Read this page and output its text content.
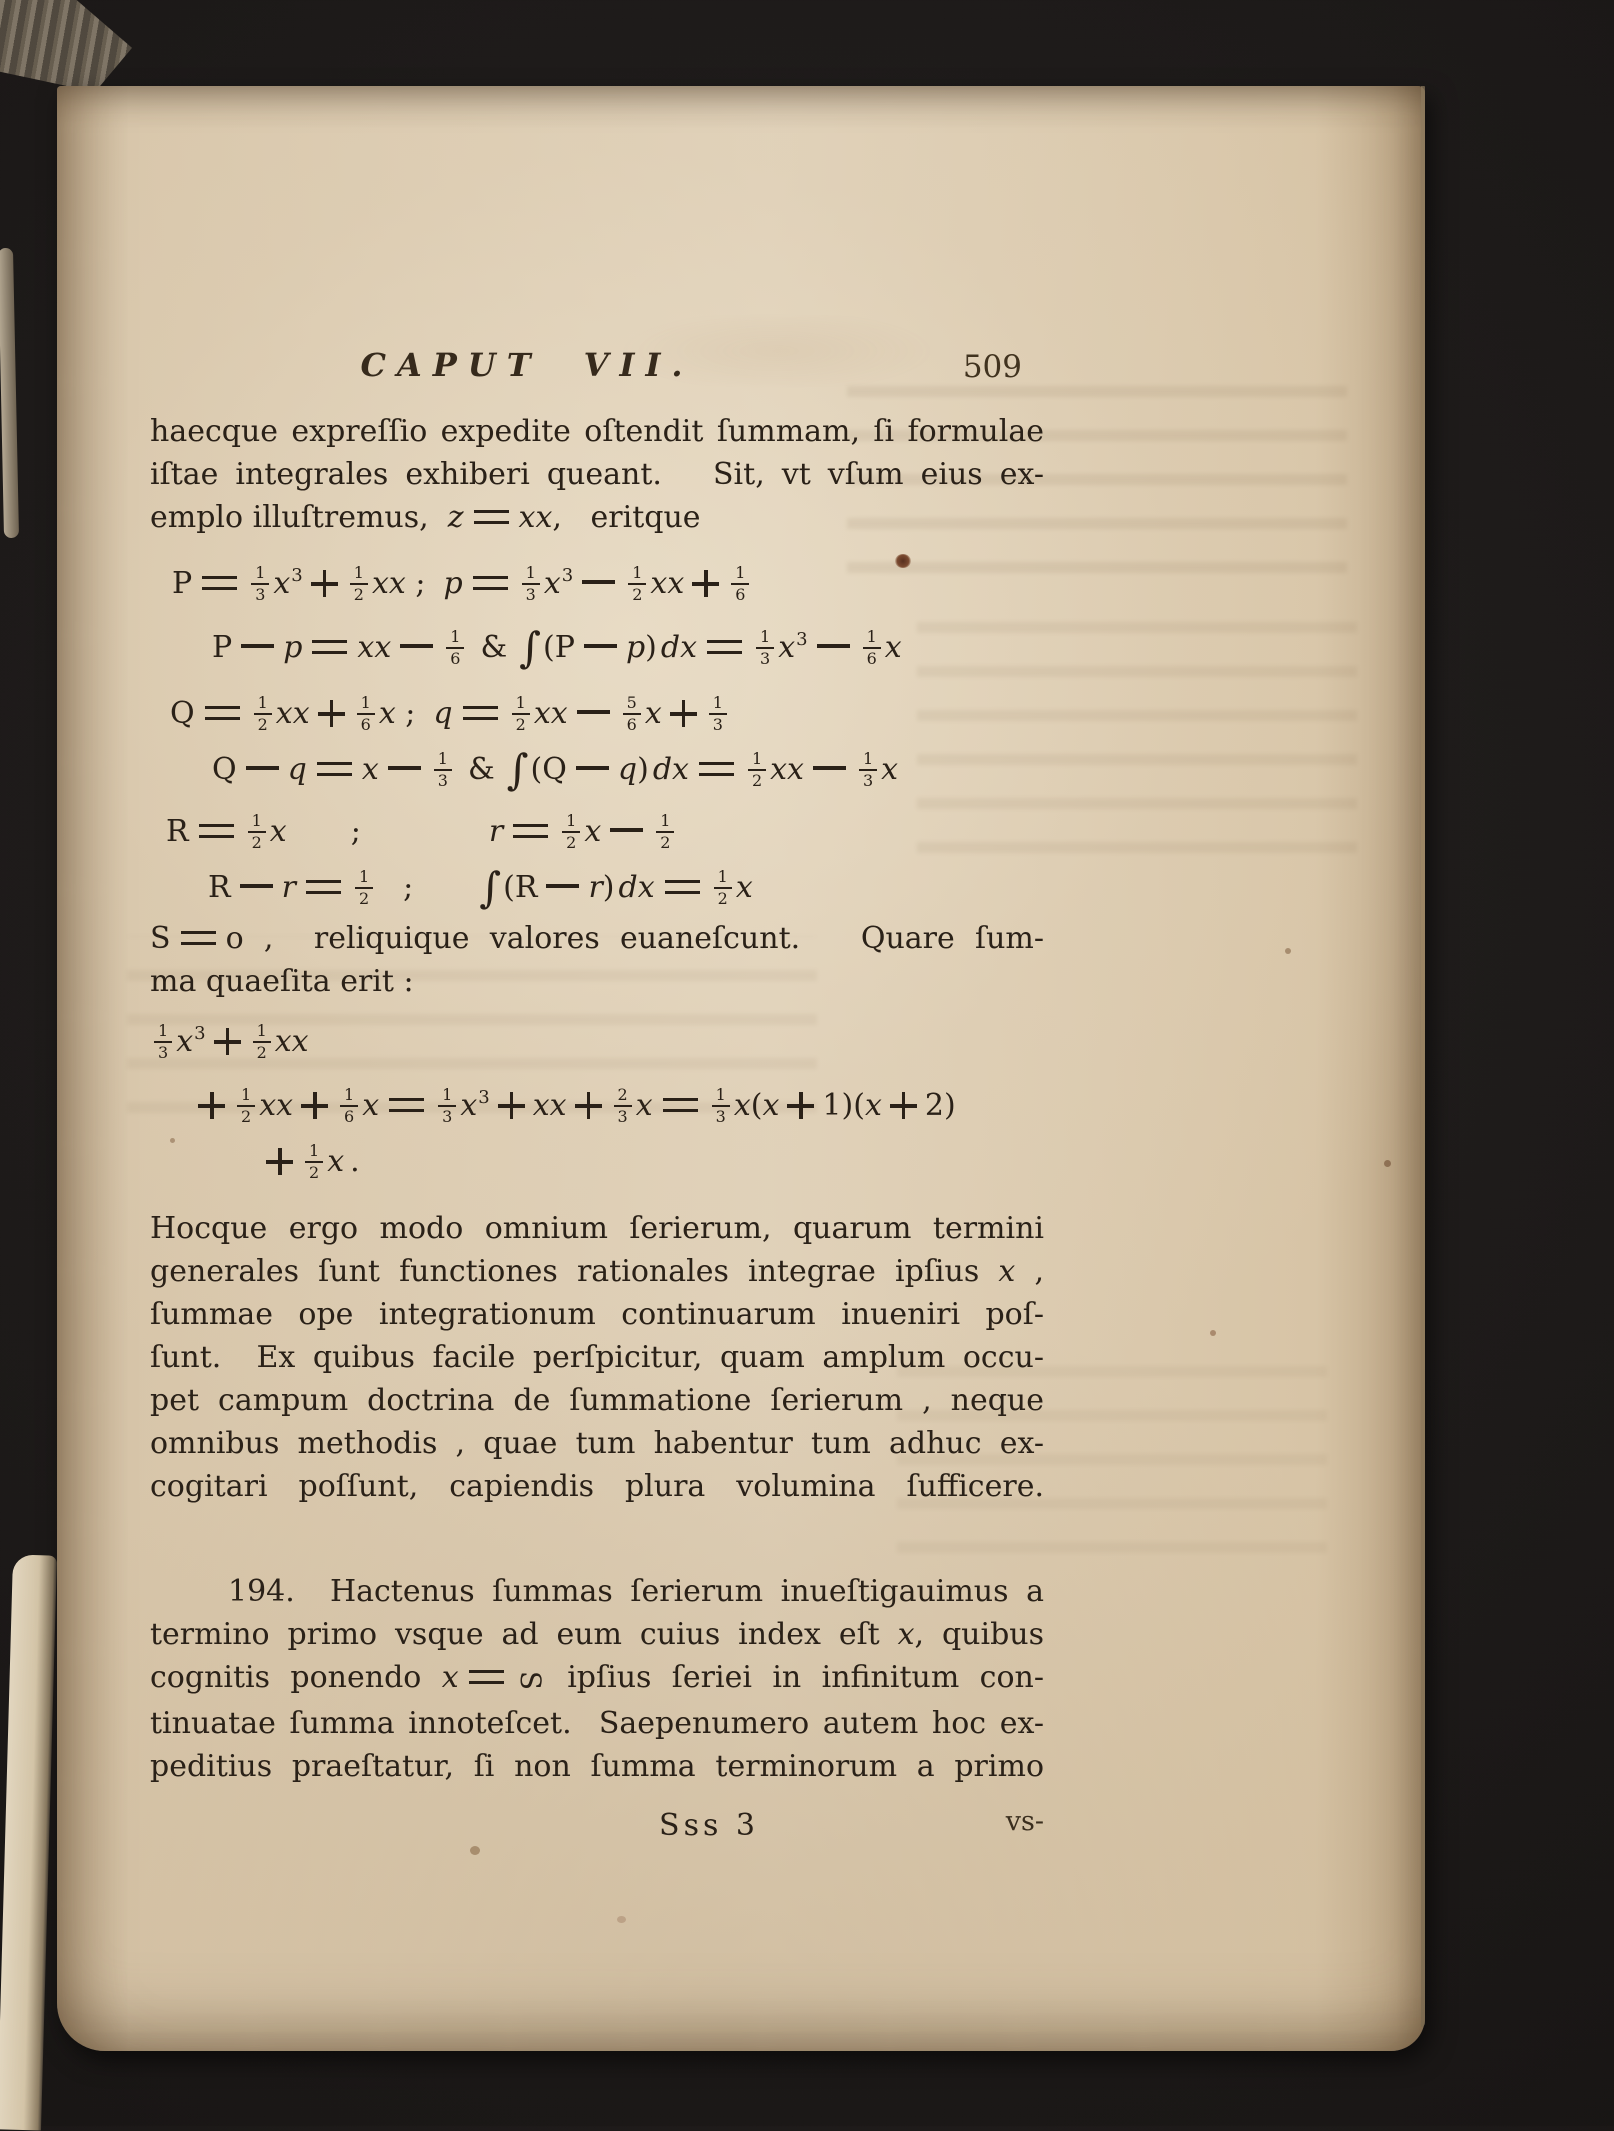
CAPUT VII.	509
haecque expreſſio expedite oſtendit ſummam, ſi formulae
iſtae integrales exhiberi queant.   Sit, vt vſum eius ex-
emplo illuſtremus,  z xx,   eritque
P	$\frac{1}{3} x^3$	$\frac{1}{2}$ xx ; p	$\frac{1}{3} x^3$	$\frac{1}{2}$ xx	$\frac{1}{6}$
P p xx	$\frac{1}{6}$ & ∫(P p) dx	$\frac{1}{3} x^3$	$\frac{1}{6}$ x
Q	$\frac{1}{2}$ xx	$\frac{1}{6}$ x ; q	$\frac{1}{2}$ xx	$\frac{5}{6}$ x	$\frac{1}{3}$
Q q x	$\frac{1}{3}$ & ∫(Q q) dx	$\frac{1}{2}$ xx	$\frac{1}{3}$ x
R	$\frac{1}{2}$ x ;	r	$\frac{1}{2}$ x	$\frac{1}{2}$
R r	$\frac{1}{2}$ ; ∫(R r) dx	$\frac{1}{2}$ x
S o ,  reliquique valores euaneſcunt.   Quare ſum-
ma quaeſita erit :
$\frac{1}{3} x^3$	$\frac{1}{2}$ xx
$\frac{1}{2}$ xx	$\frac{1}{6}$ x	$\frac{1}{3} x^3$ xx	$\frac{2}{3}$ x	$\frac{1}{3} x(x$ 1)(x 2)
$\frac{1}{2}$ x .
Hocque ergo modo omnium ſerierum, quarum termini
generales ſunt functiones rationales integrae ipſius x ,
ſummae ope integrationum continuarum inueniri poſ-
ſunt.  Ex quibus facile perſpicitur, quam amplum occu-
pet campum doctrina de ſummatione ſerierum , neque
omnibus methodis , quae tum habentur tum adhuc ex-
cogitari poſſunt, capiendis plura volumina ſufficere.
194.  Hactenus ſummas ſerierum inueſtigauimus a
termino primo vsque ad eum cuius index eſt x, quibus
cognitis ponendo x S ipſius ſeriei in infinitum con-
tinuatae ſumma innoteſcet.  Saepenumero autem hoc ex-
peditius praeſtatur, ſi non ſumma terminorum a primo
Sss 3	vs-
